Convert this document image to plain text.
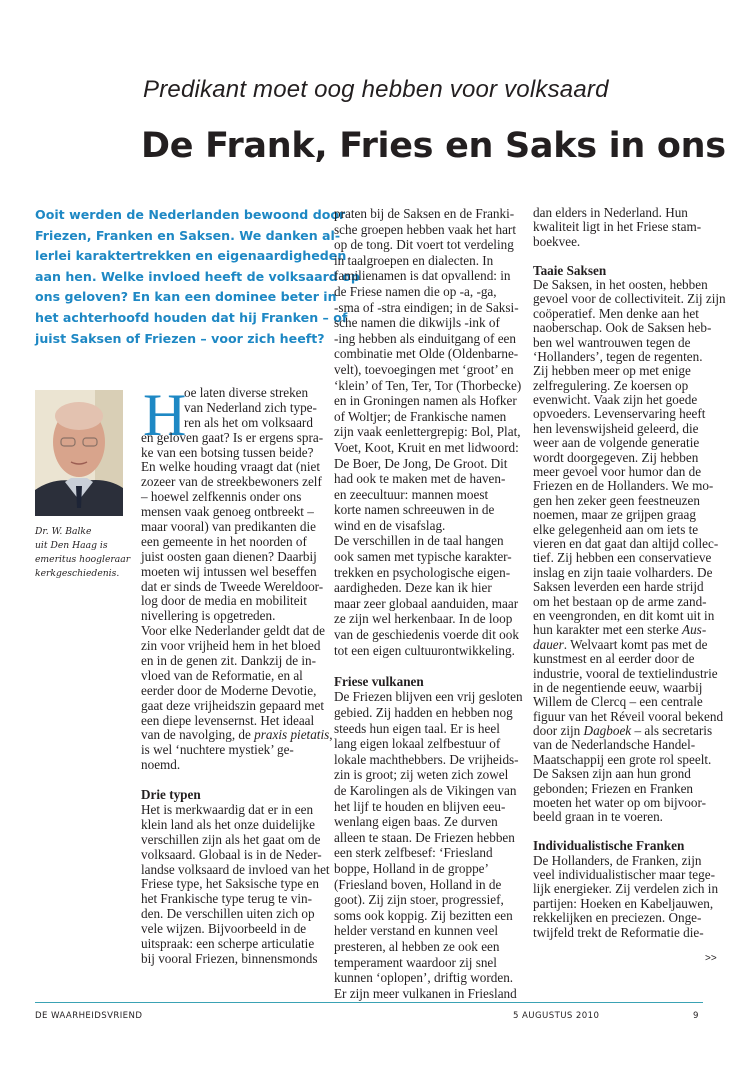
Predikant moet oog hebben voor volksaard
De Frank, Fries en Saks in ons
Ooit werden de Nederlanden bewoond door
Friezen, Franken en Saksen. We danken al-
lerlei karaktertrekken en eigenaardigheden
aan hen. Welke invloed heeft de volksaard op
ons geloven? En kan een dominee beter in
het achterhoofd houden dat hij Franken – of
juist Saksen of Friezen – voor zich heeft?
Dr. W. Balke
uit Den Haag is
emeritus hoogleraar
kerkgeschiedenis.
H
oe laten diverse streken
van Nederland zich type-
ren als het om volksaard
en geloven gaat? Is er ergens spra-
ke van een botsing tussen beide?
En welke houding vraagt dat (niet
zozeer van de streekbewoners zelf
– hoewel zelfkennis onder ons
mensen vaak genoeg ontbreekt –
maar vooral) van predikanten die
een gemeente in het noorden of
juist oosten gaan dienen? Daarbij
moeten wij intussen wel beseffen
dat er sinds de Tweede Wereldoor-
log door de media en mobiliteit
nivellering is opgetreden.
Voor elke Nederlander geldt dat de
zin voor vrijheid hem in het bloed
en in de genen zit. Dankzij de in-
vloed van de Reformatie, en al
eerder door de Moderne Devotie,
gaat deze vrijheidszin gepaard met
een diepe levensernst. Het ideaal
van de navolging, de praxis pietatis,
is wel ‘nuchtere mystiek’ ge-
noemd.
Drie typen
Het is merkwaardig dat er in een
klein land als het onze duidelijke
verschillen zijn als het gaat om de
volksaard. Globaal is in de Neder-
landse volksaard de invloed van het
Friese type, het Saksische type en
het Frankische type terug te vin-
den. De verschillen uiten zich op
vele wijzen. Bijvoorbeeld in de
uitspraak: een scherpe articulatie
bij vooral Friezen, binnensmonds
praten bij de Saksen en de Franki-
sche groepen hebben vaak het hart
op de tong. Dit voert tot verdeling
in taalgroepen en dialecten. In
familienamen is dat opvallend: in
de Friese namen die op -a, -ga,
-sma of -stra eindigen; in de Saksi-
sche namen die dikwijls -ink of
-ing hebben als einduitgang of een
combinatie met Olde (Oldenbarne-
velt), toevoegingen met ‘groot’ en
‘klein’ of Ten, Ter, Tor (Thorbecke)
en in Groningen namen als Hofker
of Woltjer; de Frankische namen
zijn vaak eenlettergrepig: Bol, Plat,
Voet, Koot, Kruit en met lidwoord:
De Boer, De Jong, De Groot. Dit
had ook te maken met de haven-
en zeecultuur: mannen moest
korte namen schreeuwen in de
wind en de visafslag.
De verschillen in de taal hangen
ook samen met typische karakter-
trekken en psychologische eigen-
aardigheden. Deze kan ik hier
maar zeer globaal aanduiden, maar
ze zijn wel herkenbaar. In de loop
van de geschiedenis voerde dit ook
tot een eigen cultuurontwikkeling.
Friese vulkanen
De Friezen blijven een vrij gesloten
gebied. Zij hadden en hebben nog
steeds hun eigen taal. Er is heel
lang eigen lokaal zelfbestuur of
lokale machthebbers. De vrijheids-
zin is groot; zij weten zich zowel
de Karolingen als de Vikingen van
het lijf te houden en blijven eeu-
wenlang eigen baas. Ze durven
alleen te staan. De Friezen hebben
een sterk zelfbesef: ‘Friesland
boppe, Holland in de groppe’
(Friesland boven, Holland in de
goot). Zij zijn stoer, progressief,
soms ook koppig. Zij bezitten een
helder verstand en kunnen veel
presteren, al hebben ze ook een
temperament waardoor zij snel
kunnen ‘oplopen’, driftig worden.
Er zijn meer vulkanen in Friesland
dan elders in Nederland. Hun
kwaliteit ligt in het Friese stam-
boekvee.
Taaie Saksen
De Saksen, in het oosten, hebben
gevoel voor de collectiviteit. Zij zijn
coöperatief. Men denke aan het
naoberschap. Ook de Saksen heb-
ben wel wantrouwen tegen de
‘Hollanders’, tegen de regenten.
Zij hebben meer op met enige
zelfregulering. Ze koersen op
evenwicht. Vaak zijn het goede
opvoeders. Levenservaring heeft
hen levenswijsheid geleerd, die
weer aan de volgende generatie
wordt doorgegeven. Zij hebben
meer gevoel voor humor dan de
Friezen en de Hollanders. We mo-
gen hen zeker geen feestneuzen
noemen, maar ze grijpen graag
elke gelegenheid aan om iets te
vieren en dat gaat dan altijd collec-
tief. Zij hebben een conservatieve
inslag en zijn taaie volharders. De
Saksen leverden een harde strijd
om het bestaan op de arme zand-
en veengronden, en dit komt uit in
hun karakter met een sterke Aus-
dauer. Welvaart komt pas met de
kunstmest en al eerder door de
industrie, vooral de textielindustrie
in de negentiende eeuw, waarbij
Willem de Clercq – een centrale
figuur van het Réveil vooral bekend
door zijn Dagboek – als secretaris
van de Nederlandsche Handel-
Maatschappij een grote rol speelt.
De Saksen zijn aan hun grond
gebonden; Friezen en Franken
moeten het water op om bijvoor-
beeld graan in te voeren.
Individualistische Franken
De Hollanders, de Franken, zijn
veel individualistischer maar tege-
lijk energieker. Zij verdelen zich in
partijen: Hoeken en Kabeljauwen,
rekkelijken en preciezen. Onge-
twijfeld trekt de Reformatie die-
>>
DE WAARHEIDSVRIEND	5 AUGUSTUS 2010	9
